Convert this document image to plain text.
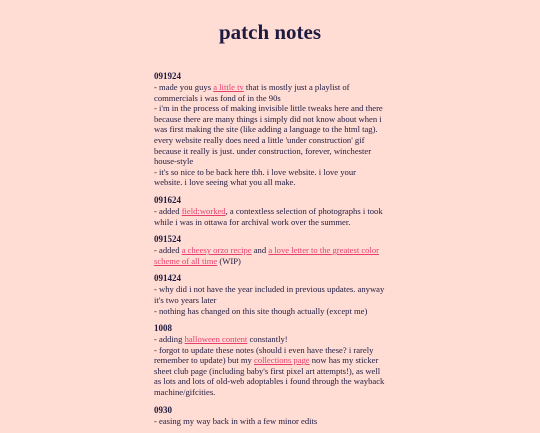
patch notes
091924
- made you guys a little tv that is mostly just a playlist of commercials i was fond of in the 90s
- i'm in the process of making invisible little tweaks here and there because there are many things i simply did not know about when i was first making the site (like adding a language to the html tag). every website really does need a little 'under construction' gif because it really is just. under construction, forever, winchester house-style
- it's so nice to be back here tbh. i love website. i love your website. i love seeing what you all make.
091624
- added field:worked, a contextless selection of photographs i took while i was in ottawa for archival work over the summer.
091524
- added a cheesy orzo recipe and a love letter to the greatest color scheme of all time (WIP)
091424
- why did i not have the year included in previous updates. anyway it's two years later
- nothing has changed on this site though actually (except me)
1008
- adding halloween content constantly!
- forgot to update these notes (should i even have these? i rarely remember to update) but my collections page now has my sticker sheet club page (including baby's first pixel art attempts!), as well as lots and lots of old-web adoptables i found through the wayback machine/gifcities.
0930
- easing my way back in with a few minor edits
